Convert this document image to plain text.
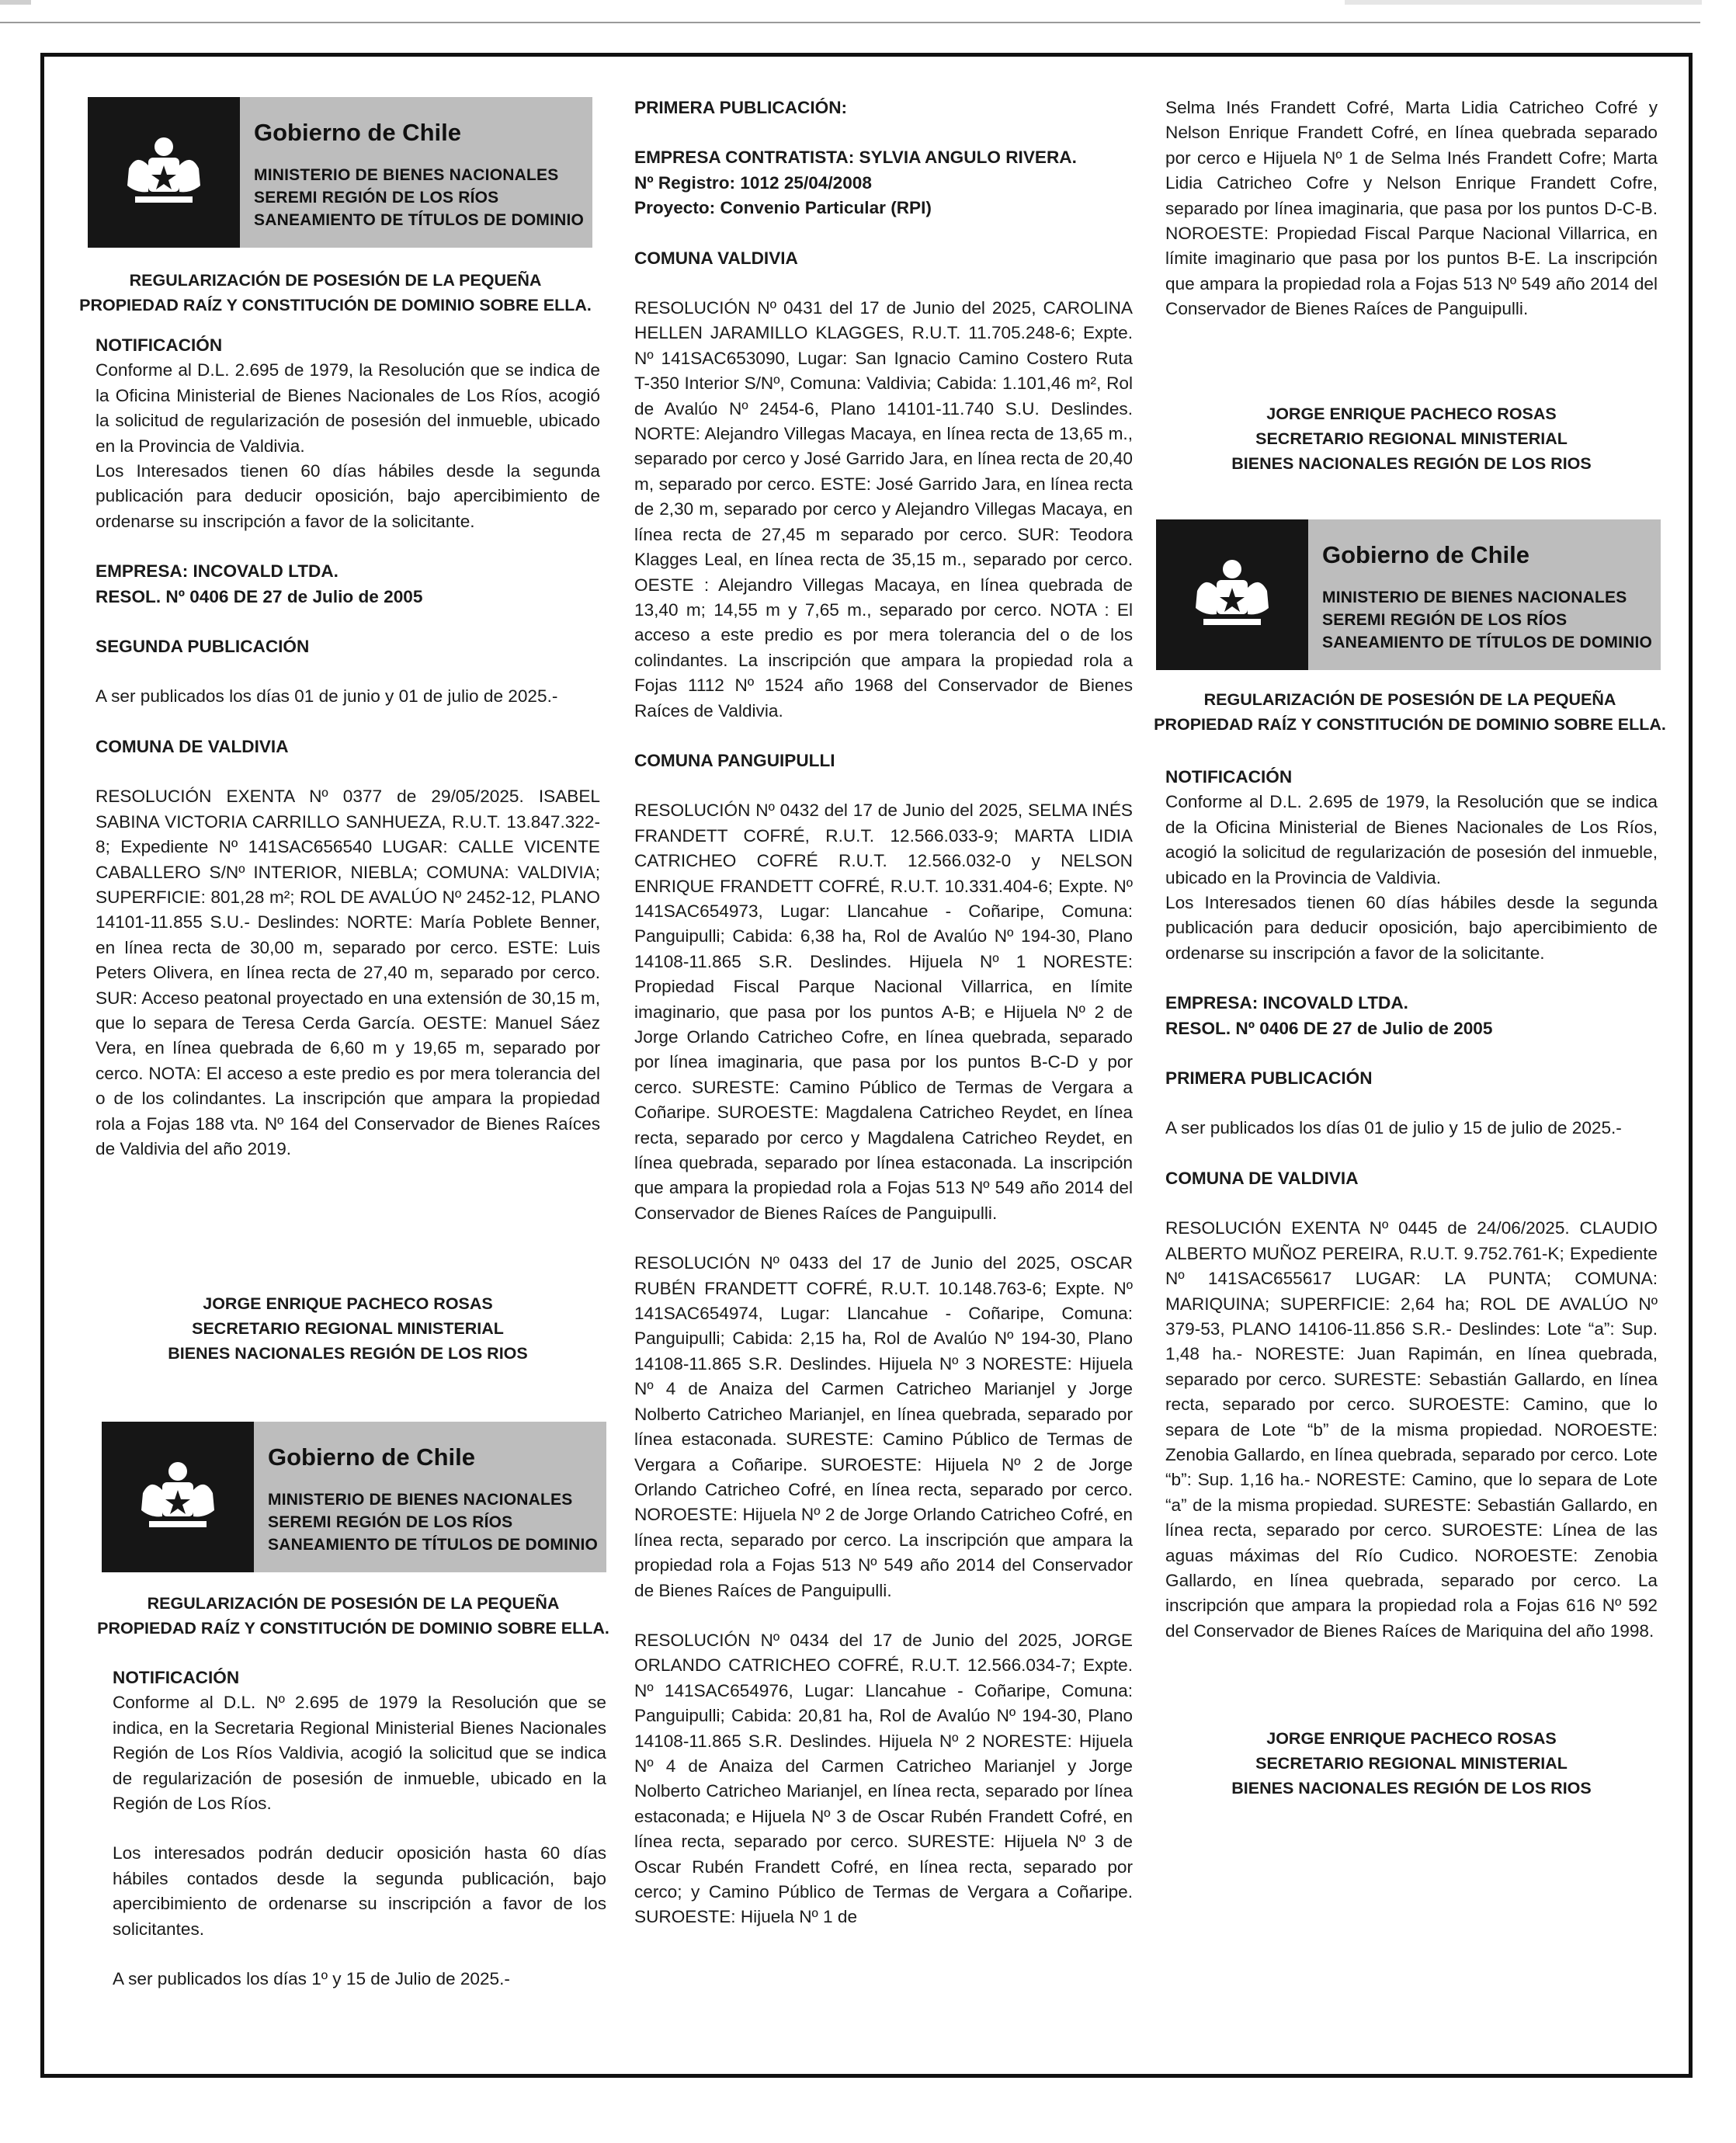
Gobierno de Chile
MINISTERIO DE BIENES NACIONALES
SEREMI REGIÓN DE LOS RÍOS
SANEAMIENTO DE TÍTULOS DE DOMINIO

REGULARIZACIÓN DE POSESIÓN DE LA PEQUEÑA

PROPIEDAD RAÍZ Y CONSTITUCIÓN DE DOMINIO SOBRE ELLA.

NOTIFICACIÓN

Conforme al D.L. 2.695 de 1979, la Resolución que se indica de la Oficina Ministerial de Bienes Nacionales de Los Ríos, acogió la solicitud de regularización de posesión del inmueble, ubicado en la Provincia de Valdivia.

Los Interesados tienen 60 días hábiles desde la segunda publicación para deducir oposición, bajo apercibimiento de ordenarse su inscripción a favor de la solicitante.

EMPRESA: INCOVALD LTDA.

RESOL. Nº 0406 DE 27 de Julio de 2005

SEGUNDA PUBLICACIÓN

A ser publicados los días 01 de junio y 01 de julio de 2025.-

COMUNA DE VALDIVIA

RESOLUCIÓN EXENTA Nº 0377 de 29/05/2025. ISABEL SABINA VICTORIA CARRILLO SANHUEZA, R.U.T. 13.847.322-8; Expediente Nº 141SAC656540 LUGAR: CALLE VICENTE CABALLERO S/Nº INTERIOR, NIEBLA; COMUNA: VALDIVIA; SUPERFICIE: 801,28 m²; ROL DE AVALÚO Nº 2452-12, PLANO 14101-11.855 S.U.- Deslindes: NORTE: María Poblete Benner, en línea recta de 30,00 m, separado por cerco. ESTE: Luis Peters Olivera, en línea recta de 27,40 m, separado por cerco. SUR: Acceso peatonal proyectado en una extensión de 30,15 m, que lo separa de Teresa Cerda García. OESTE: Manuel Sáez Vera, en línea quebrada de 6,60 m y 19,65 m, separado por cerco. NOTA: El acceso a este predio es por mera tolerancia del o de los colindantes. La inscripción que ampara la propiedad rola a Fojas 188 vta. Nº 164 del Conservador de Bienes Raíces de Valdivia del año 2019.

JORGE ENRIQUE PACHECO ROSAS

SECRETARIO REGIONAL MINISTERIAL

BIENES NACIONALES REGIÓN DE LOS RIOS

Gobierno de Chile
MINISTERIO DE BIENES NACIONALES
SEREMI REGIÓN DE LOS RÍOS
SANEAMIENTO DE TÍTULOS DE DOMINIO

REGULARIZACIÓN DE POSESIÓN DE LA PEQUEÑA

PROPIEDAD RAÍZ Y CONSTITUCIÓN DE DOMINIO SOBRE ELLA.

NOTIFICACIÓN

Conforme al D.L. Nº 2.695 de 1979 la Resolución que se indica, en la Secretaria Regional Ministerial Bienes Nacionales Región de Los Ríos Valdivia, acogió la solicitud que se indica de regularización de posesión de inmueble, ubicado en la Región de Los Ríos.

Los interesados podrán deducir oposición hasta 60 días hábiles contados desde la segunda publicación, bajo apercibimiento de ordenarse su inscripción a favor de los solicitantes.

A ser publicados los días 1º y 15 de Julio de 2025.-

PRIMERA PUBLICACIÓN:

EMPRESA CONTRATISTA: SYLVIA ANGULO RIVERA.

Nº Registro: 1012 25/04/2008

Proyecto: Convenio Particular (RPI)

COMUNA VALDIVIA

RESOLUCIÓN Nº 0431 del 17 de Junio del 2025, CAROLINA HELLEN JARAMILLO KLAGGES, R.U.T. 11.705.248-6; Expte. Nº 141SAC653090, Lugar: San Ignacio Camino Costero Ruta T-350 Interior S/Nº, Comuna: Valdivia; Cabida: 1.101,46 m², Rol de Avalúo Nº 2454-6, Plano 14101-11.740 S.U. Deslindes. NORTE: Alejandro Villegas Macaya, en línea recta de 13,65 m., separado por cerco y José Garrido Jara, en línea recta de 20,40 m, separado por cerco. ESTE: José Garrido Jara, en línea recta de 2,30 m, separado por cerco y Alejandro Villegas Macaya, en línea recta de 27,45 m separado por cerco. SUR: Teodora Klagges Leal, en línea recta de 35,15 m., separado por cerco. OESTE : Alejandro Villegas Macaya, en línea quebrada de 13,40 m; 14,55 m y 7,65 m., separado por cerco. NOTA : El acceso a este predio es por mera tolerancia del o de los colindantes. La inscripción que ampara la propiedad rola a Fojas 1112 Nº 1524 año 1968 del Conservador de Bienes Raíces de Valdivia.

COMUNA PANGUIPULLI

RESOLUCIÓN Nº 0432 del 17 de Junio del 2025, SELMA INÉS FRANDETT COFRÉ, R.U.T. 12.566.033-9; MARTA LIDIA CATRICHEO COFRÉ R.U.T. 12.566.032-0 y NELSON ENRIQUE FRANDETT COFRÉ, R.U.T. 10.331.404-6; Expte. Nº 141SAC654973, Lugar: Llancahue - Coñaripe, Comuna: Panguipulli; Cabida: 6,38 ha, Rol de Avalúo Nº 194-30, Plano 14108-11.865 S.R. Deslindes. Hijuela Nº 1 NORESTE: Propiedad Fiscal Parque Nacional Villarrica, en límite imaginario, que pasa por los puntos A-B; e Hijuela Nº 2 de Jorge Orlando Catricheo Cofre, en línea quebrada, separado por línea imaginaria, que pasa por los puntos B-C-D y por cerco. SURESTE: Camino Público de Termas de Vergara a Coñaripe. SUROESTE: Magdalena Catricheo Reydet, en línea recta, separado por cerco y Magdalena Catricheo Reydet, en línea quebrada, separado por línea estaconada. La inscripción que ampara la propiedad rola a Fojas 513 Nº 549 año 2014 del Conservador de Bienes Raíces de Panguipulli.

RESOLUCIÓN Nº 0433 del 17 de Junio del 2025, OSCAR RUBÉN FRANDETT COFRÉ, R.U.T. 10.148.763-6; Expte. Nº 141SAC654974, Lugar: Llancahue - Coñaripe, Comuna: Panguipulli; Cabida: 2,15 ha, Rol de Avalúo Nº 194-30, Plano 14108-11.865 S.R. Deslindes. Hijuela Nº 3 NORESTE: Hijuela Nº 4 de Anaiza del Carmen Catricheo Marianjel y Jorge Nolberto Catricheo Marianjel, en línea quebrada, separado por línea estaconada. SURESTE: Camino Público de Termas de Vergara a Coñaripe. SUROESTE: Hijuela Nº 2 de Jorge Orlando Catricheo Cofré, en línea recta, separado por cerco. NOROESTE: Hijuela Nº 2 de Jorge Orlando Catricheo Cofré, en línea recta, separado por cerco. La inscripción que ampara la propiedad rola a Fojas 513 Nº 549 año 2014 del Conservador de Bienes Raíces de Panguipulli.

RESOLUCIÓN Nº 0434 del 17 de Junio del 2025, JORGE ORLANDO CATRICHEO COFRÉ, R.U.T. 12.566.034-7; Expte. Nº 141SAC654976, Lugar: Llancahue - Coñaripe, Comuna: Panguipulli; Cabida: 20,81 ha, Rol de Avalúo Nº 194-30, Plano 14108-11.865 S.R. Deslindes. Hijuela Nº 2 NORESTE: Hijuela Nº 4 de Anaiza del Carmen Catricheo Marianjel y Jorge Nolberto Catricheo Marianjel, en línea recta, separado por línea estaconada; e Hijuela Nº 3 de Oscar Rubén Frandett Cofré, en línea recta, separado por cerco. SURESTE: Hijuela Nº 3 de Oscar Rubén Frandett Cofré, en línea recta, separado por cerco; y Camino Público de Termas de Vergara a Coñaripe. SUROESTE: Hijuela Nº 1 de

Selma Inés Frandett Cofré, Marta Lidia Catricheo Cofré y Nelson Enrique Frandett Cofré, en línea quebrada separado por cerco e Hijuela Nº 1 de Selma Inés Frandett Cofre; Marta Lidia Catricheo Cofre y Nelson Enrique Frandett Cofre, separado por línea imaginaria, que pasa por los puntos D-C-B. NOROESTE: Propiedad Fiscal Parque Nacional Villarrica, en límite imaginario que pasa por los puntos B-E. La inscripción que ampara la propiedad rola a Fojas 513 Nº 549 año 2014 del Conservador de Bienes Raíces de Panguipulli.

JORGE ENRIQUE PACHECO ROSAS

SECRETARIO REGIONAL MINISTERIAL

BIENES NACIONALES REGIÓN DE LOS RIOS

Gobierno de Chile
MINISTERIO DE BIENES NACIONALES
SEREMI REGIÓN DE LOS RÍOS
SANEAMIENTO DE TÍTULOS DE DOMINIO

REGULARIZACIÓN DE POSESIÓN DE LA PEQUEÑA

PROPIEDAD RAÍZ Y CONSTITUCIÓN DE DOMINIO SOBRE ELLA.

NOTIFICACIÓN

Conforme al D.L. 2.695 de 1979, la Resolución que se indica de la Oficina Ministerial de Bienes Nacionales de Los Ríos, acogió la solicitud de regularización de posesión del inmueble, ubicado en la Provincia de Valdivia.

Los Interesados tienen 60 días hábiles desde la segunda publicación para deducir oposición, bajo apercibimiento de ordenarse su inscripción a favor de la solicitante.

EMPRESA: INCOVALD LTDA.

RESOL. Nº 0406 DE 27 de Julio de 2005

PRIMERA PUBLICACIÓN

A ser publicados los días 01 de julio y 15 de julio de 2025.-

COMUNA DE VALDIVIA

RESOLUCIÓN EXENTA Nº 0445 de 24/06/2025. CLAUDIO ALBERTO MUÑOZ PEREIRA, R.U.T. 9.752.761-K; Expediente Nº 141SAC655617 LUGAR: LA PUNTA; COMUNA: MARIQUINA; SUPERFICIE: 2,64 ha; ROL DE AVALÚO Nº 379-53, PLANO 14106-11.856 S.R.- Deslindes: Lote “a”: Sup. 1,48 ha.- NORESTE: Juan Rapimán, en línea quebrada, separado por cerco. SURESTE: Sebastián Gallardo, en línea recta, separado por cerco. SUROESTE: Camino, que lo separa de Lote “b” de la misma propiedad. NOROESTE: Zenobia Gallardo, en línea quebrada, separado por cerco. Lote “b”: Sup. 1,16 ha.- NORESTE: Camino, que lo separa de Lote “a” de la misma propiedad. SURESTE: Sebastián Gallardo, en línea recta, separado por cerco. SUROESTE: Línea de las aguas máximas del Río Cudico. NOROESTE: Zenobia Gallardo, en línea quebrada, separado por cerco. La inscripción que ampara la propiedad rola a Fojas 616 Nº 592 del Conservador de Bienes Raíces de Mariquina del año 1998.

JORGE ENRIQUE PACHECO ROSAS

SECRETARIO REGIONAL MINISTERIAL

BIENES NACIONALES REGIÓN DE LOS RIOS
